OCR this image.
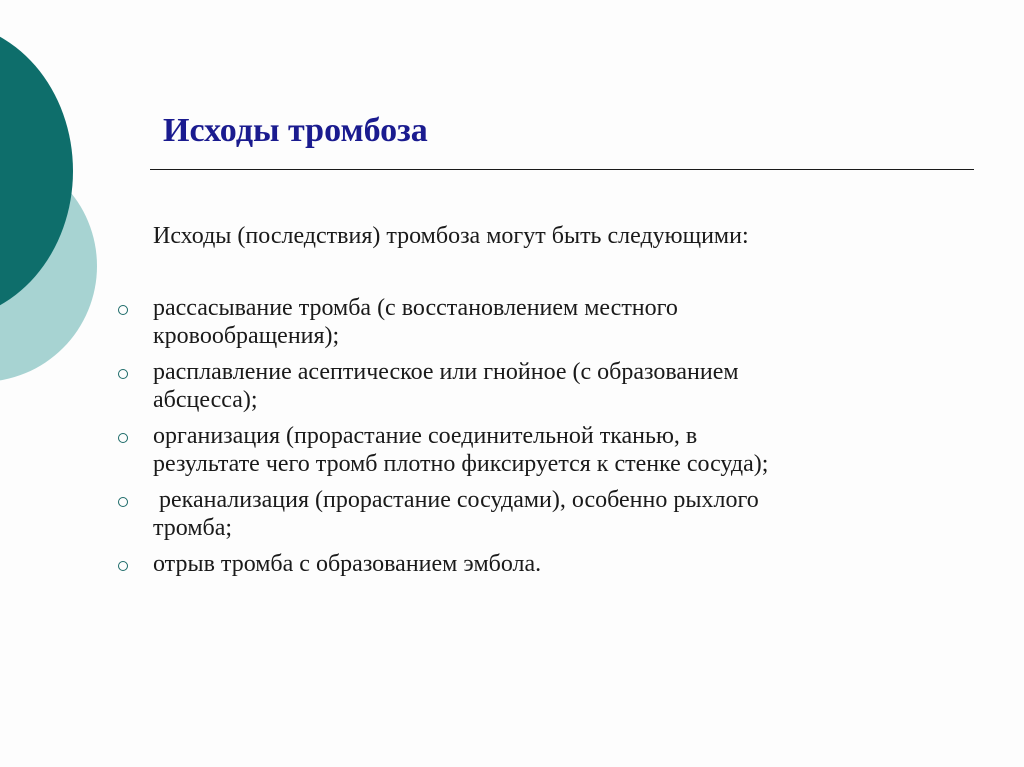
Исходы тромбоза
Исходы (последствия) тромбоза могут быть следующими:
рассасывание тромба (с восстановлением местного
кровообращения);
расплавление асептическое или гнойное (с образованием
абсцесса);
организация (прорастание соединительной тканью, в
результате чего тромб плотно фиксируется к стенке сосуда);
реканализация (прорастание сосудами), особенно рыхлого
тромба;
отрыв тромба с образованием эмбола.
